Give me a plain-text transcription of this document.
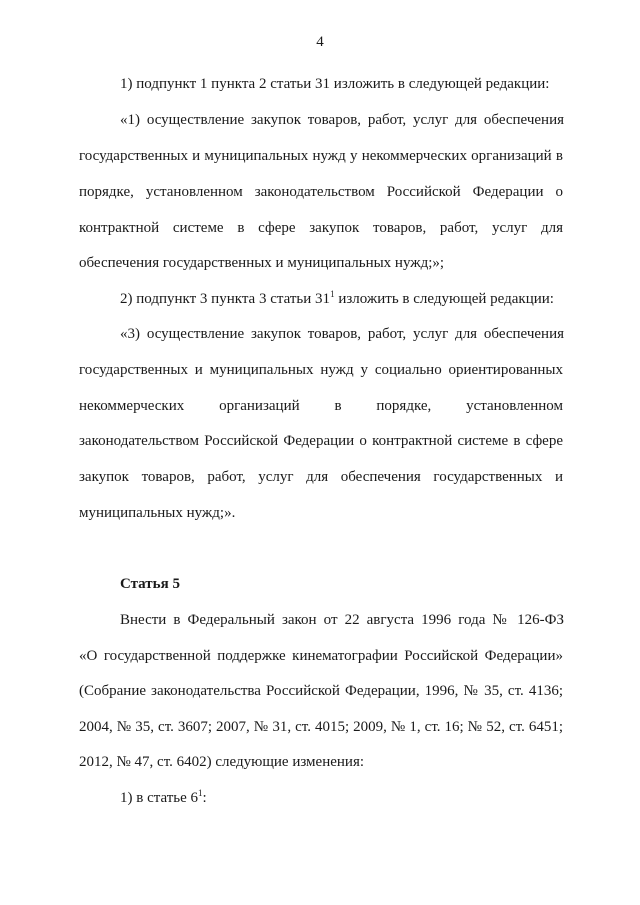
4
1) подпункт 1 пункта 2 статьи 31 изложить в следующей редакции:
«1) осуществление закупок товаров, работ, услуг для обеспечения
государственных и муниципальных нужд у некоммерческих организаций в
порядке, установленном законодательством Российской Федерации о
контрактной системе в сфере закупок товаров, работ, услуг для
обеспечения государственных и муниципальных нужд;»;
2) подпункт 3 пункта 3 статьи $31^1$ изложить в следующей редакции:
«3) осуществление закупок товаров, работ, услуг для обеспечения
государственных и муниципальных нужд у социально ориентированных
некоммерческих организаций в порядке, установленном
законодательством Российской Федерации о контрактной системе в сфере
закупок товаров, работ, услуг для обеспечения государственных и
муниципальных нужд;».
Статья 5
Внести в Федеральный закон от 22 августа 1996 года № 126-ФЗ
«О государственной поддержке кинематографии Российской Федерации»
(Собрание законодательства Российской Федерации, 1996, № 35, ст. 4136;
2004, № 35, ст. 3607; 2007, № 31, ст. 4015; 2009, № 1, ст. 16; № 52, ст. 6451;
2012, № 47, ст. 6402) следующие изменения:
1) в статье $6^1$:
